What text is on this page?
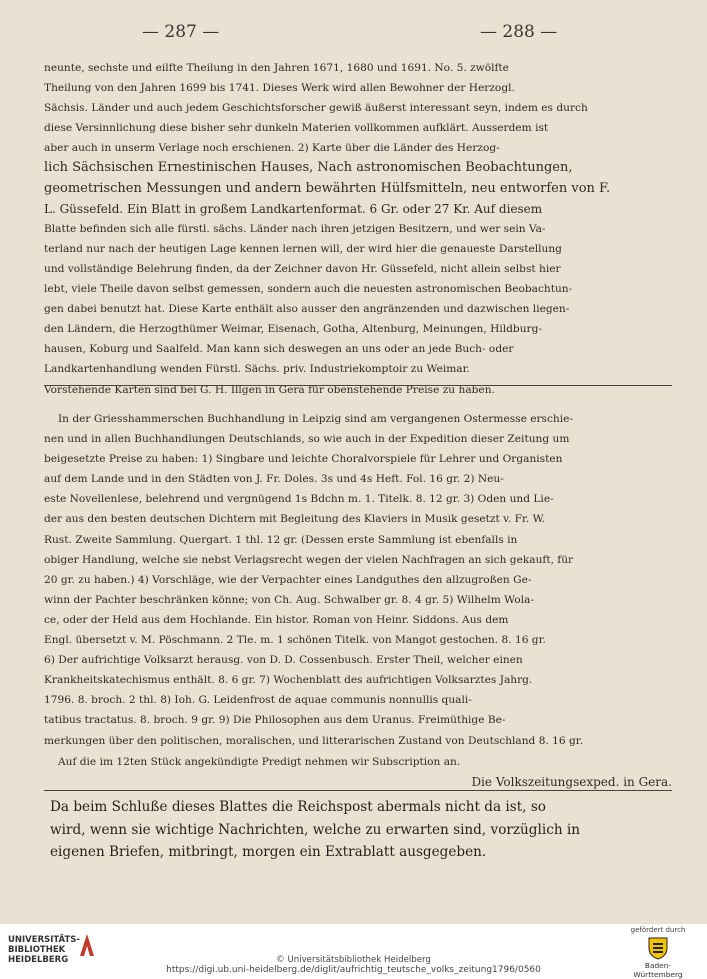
— 287 —	— 288 —
neunte, sechste und eilfte Theilung in den Jahren 1671, 1680 und 1691. No. 5. zwölfte
Theilung von den Jahren 1699 bis 1741. Dieses Werk wird allen Bewohner der Herzogl.
Sächsis. Länder und auch jedem Geschichtsforscher gewiß äußerst interessant seyn, indem es durch
diese Versinnlichung diese bisher sehr dunkeln Materien vollkommen aufklärt. Ausserdem ist
aber auch in unserm Verlage noch erschienen. 2) Karte über die Länder des Herzog-
lich Sächsischen Ernestinischen Hauses, Nach astronomischen Beobachtungen,
geometrischen Messungen und andern bewährten Hülfsmitteln, neu entworfen von F.
L. Güssefeld. Ein Blatt in großem Landkartenformat. 6 Gr. oder 27 Kr. Auf diesem
Blatte befinden sich alle fürstl. sächs. Länder nach ihren jetzigen Besitzern, und wer sein Va-
terland nur nach der heutigen Lage kennen lernen will, der wird hier die genaueste Darstellung
und vollständige Belehrung finden, da der Zeichner davon Hr. Güssefeld, nicht allein selbst hier
lebt, viele Theile davon selbst gemessen, sondern auch die neuesten astronomischen Beobachtun-
gen dabei benutzt hat. Diese Karte enthält also ausser den angränzenden und dazwischen liegen-
den Ländern, die Herzogthümer Weimar, Eisenach, Gotha, Altenburg, Meinungen, Hildburg-
hausen, Koburg und Saalfeld. Man kann sich deswegen an uns oder an jede Buch- oder
Landkartenhandlung wenden Fürstl. Sächs. priv. Industriekomptoir zu Weimar.
Vorstehende Karten sind bei G. H. Illgen in Gera für obenstehende Preise zu haben.
In der Griesshammerschen Buchhandlung in Leipzig sind am vergangenen Ostermesse erschie-
nen und in allen Buchhandlungen Deutschlands, so wie auch in der Expedition dieser Zeitung um
beigesetzte Preise zu haben: 1) Singbare und leichte Choralvorspiele für Lehrer und Organisten
auf dem Lande und in den Städten von J. Fr. Doles. 3s und 4s Heft. Fol. 16 gr. 2) Neu-
este Novellenlese, belehrend und vergnügend 1s Bdchn m. 1. Titelk. 8. 12 gr. 3) Oden und Lie-
der aus den besten deutschen Dichtern mit Begleitung des Klaviers in Musik gesetzt v. Fr. W.
Rust. Zweite Sammlung. Quergart. 1 thl. 12 gr. (Dessen erste Sammlung ist ebenfalls in
obiger Handlung, welche sie nebst Verlagsrecht wegen der vielen Nachfragen an sich gekauft, für
20 gr. zu haben.) 4) Vorschläge, wie der Verpachter eines Landguthes den allzugroßen Ge-
winn der Pachter beschränken könne; von Ch. Aug. Schwalber gr. 8. 4 gr. 5) Wilhelm Wola-
ce, oder der Held aus dem Hochlande. Ein histor. Roman von Heinr. Siddons. Aus dem
Engl. übersetzt v. M. Pöschmann. 2 Tle. m. 1 schönen Titelk. von Mangot gestochen. 8. 16 gr.
6) Der aufrichtige Volksarzt herausg. von D. D. Cossenbusch. Erster Theil, welcher einen
Krankheitskatechismus enthält. 8. 6 gr. 7) Wochenblatt des aufrichtigen Volksarztes Jahrg.
1796. 8. broch. 2 thl. 8) Ioh. G. Leidenfrost de aquae communis nonnullis quali-
tatibus tractatus. 8. broch. 9 gr. 9) Die Philosophen aus dem Uranus. Freimüthige Be-
merkungen über den politischen, moralischen, und litterarischen Zustand von Deutschland 8. 16 gr.
Auf die im 12ten Stück angekündigte Predigt nehmen wir Subscription an.
Die Volkszeitungsexped. in Gera.
Da beim Schluße dieses Blattes die Reichspost abermals nicht da ist, so
wird, wenn sie wichtige Nachrichten, welche zu erwarten sind, vorzüglich in
eigenen Briefen, mitbringt, morgen ein Extrablatt ausgegeben.
UNIVERSITÄTS-
BIBLIOTHEK
HEIDELBERG	© Universitätsbibliothek Heidelberg
https://digi.ub.uni-heidelberg.de/diglit/aufrichtig_teutsche_volks_zeitung1796/0560
gefördert durch
Baden-Württemberg
